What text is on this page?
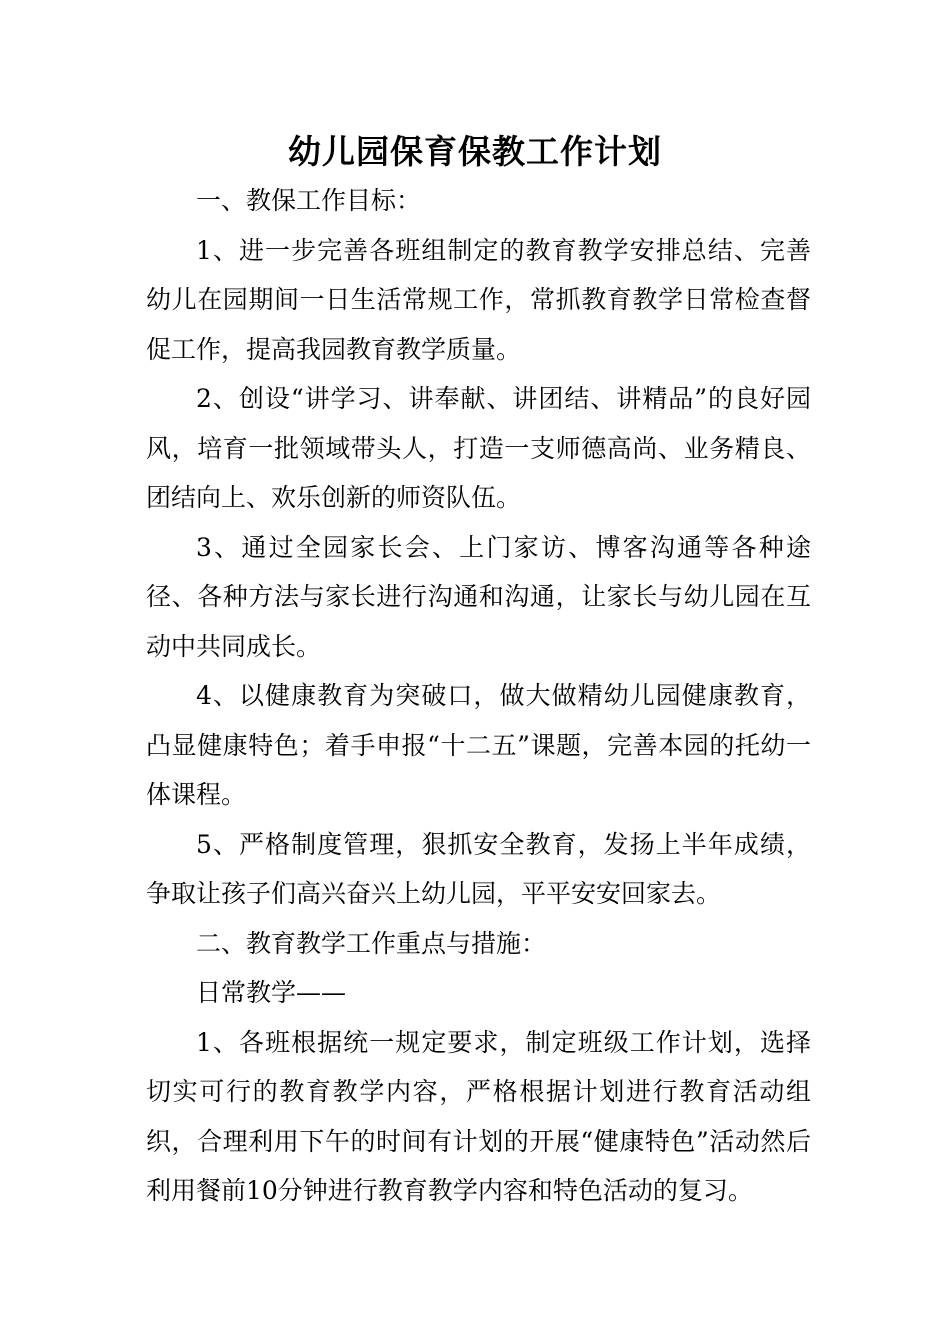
幼儿园保育保教工作计划

一、教保工作目标：

1、进一步完善各班组制定的教育教学安排总结、完善幼儿在园期间一日生活常规工作，常抓教育教学日常检查督促工作，提高我园教育教学质量。

2、创设“讲学习、讲奉献、讲团结、讲精品”的良好园风，培育一批领域带头人，打造一支师德高尚、业务精良、团结向上、欢乐创新的师资队伍。

3、通过全园家长会、上门家访、博客沟通等各种途径、各种方法与家长进行沟通和沟通，让家长与幼儿园在互动中共同成长。

4、以健康教育为突破口，做大做精幼儿园健康教育，凸显健康特色；着手申报“十二五”课题，完善本园的托幼一体课程。

5、严格制度管理，狠抓安全教育，发扬上半年成绩，争取让孩子们高兴奋兴上幼儿园，平平安安回家去。

二、教育教学工作重点与措施：

日常教学——

1、各班根据统一规定要求，制定班级工作计划，选择切实可行的教育教学内容，严格根据计划进行教育活动组织，合理利用下午的时间有计划的开展“健康特色”活动然后利用餐前10分钟进行教育教学内容和特色活动的复习。
